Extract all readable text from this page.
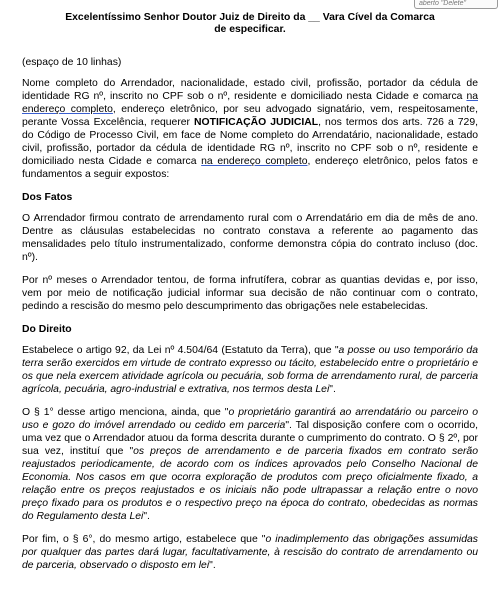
aberto "Delete"
Excelentíssimo Senhor Doutor Juiz de Direito da __ Vara Cível da Comarca
de especificar.

(espaço de 10 linhas)

Nome completo do Arrendador, nacionalidade, estado civil, profissão, portador da cédula de identidade RG nº, inscrito no CPF sob o nº, residente e domiciliado nesta Cidade e comarca na endereço completo, endereço eletrônico, por seu advogado signatário, vem, respeitosamente, perante Vossa Excelência, requerer NOTIFICAÇÃO JUDICIAL, nos termos dos arts. 726 a 729, do Código de Processo Civil, em face de Nome completo do Arrendatário, nacionalidade, estado civil, profissão, portador da cédula de identidade RG nº, inscrito no CPF sob o nº, residente e domiciliado nesta Cidade e comarca na endereço completo, endereço eletrônico, pelos fatos e fundamentos a seguir expostos:

Dos Fatos

O Arrendador firmou contrato de arrendamento rural com o Arrendatário em dia de mês de ano. Dentre as cláusulas estabelecidas no contrato constava a referente ao pagamento das mensalidades pelo título instrumentalizado, conforme demonstra cópia do contrato incluso (doc. nº).

Por nº meses o Arrendador tentou, de forma infrutífera, cobrar as quantias devidas e, por isso, vem por meio de notificação judicial informar sua decisão de não continuar com o contrato, pedindo a rescisão do mesmo pelo descumprimento das obrigações nele estabelecidas.

Do Direito

Estabelece o artigo 92, da Lei nº 4.504/64 (Estatuto da Terra), que "a posse ou uso temporário da terra serão exercidos em virtude de contrato expresso ou tácito, estabelecido entre o proprietário e os que nela exercem atividade agrícola ou pecuária, sob forma de arrendamento rural, de parceria agrícola, pecuária, agro-industrial e extrativa, nos termos desta Lei".

O § 1° desse artigo menciona, ainda, que "o proprietário garantirá ao arrendatário ou parceiro o uso e gozo do imóvel arrendado ou cedido em parceria". Tal disposição confere com o ocorrido, uma vez que o Arrendador atuou da forma descrita durante o cumprimento do contrato. O § 2º, por sua vez, instituí que "os preços de arrendamento e de parceria fixados em contrato serão reajustados periodicamente, de acordo com os índices aprovados pelo Conselho Nacional de Economia. Nos casos em que ocorra exploração de produtos com preço oficialmente fixado, a relação entre os preços reajustados e os iniciais não pode ultrapassar a relação entre o novo preço fixado para os produtos e o respectivo preço na época do contrato, obedecidas as normas do Regulamento desta Lei".

Por fim, o § 6°, do mesmo artigo, estabelece que "o inadimplemento das obrigações assumidas por qualquer das partes dará lugar, facultativamente, à rescisão do contrato de arrendamento ou de parceria, observado o disposto em lei".
